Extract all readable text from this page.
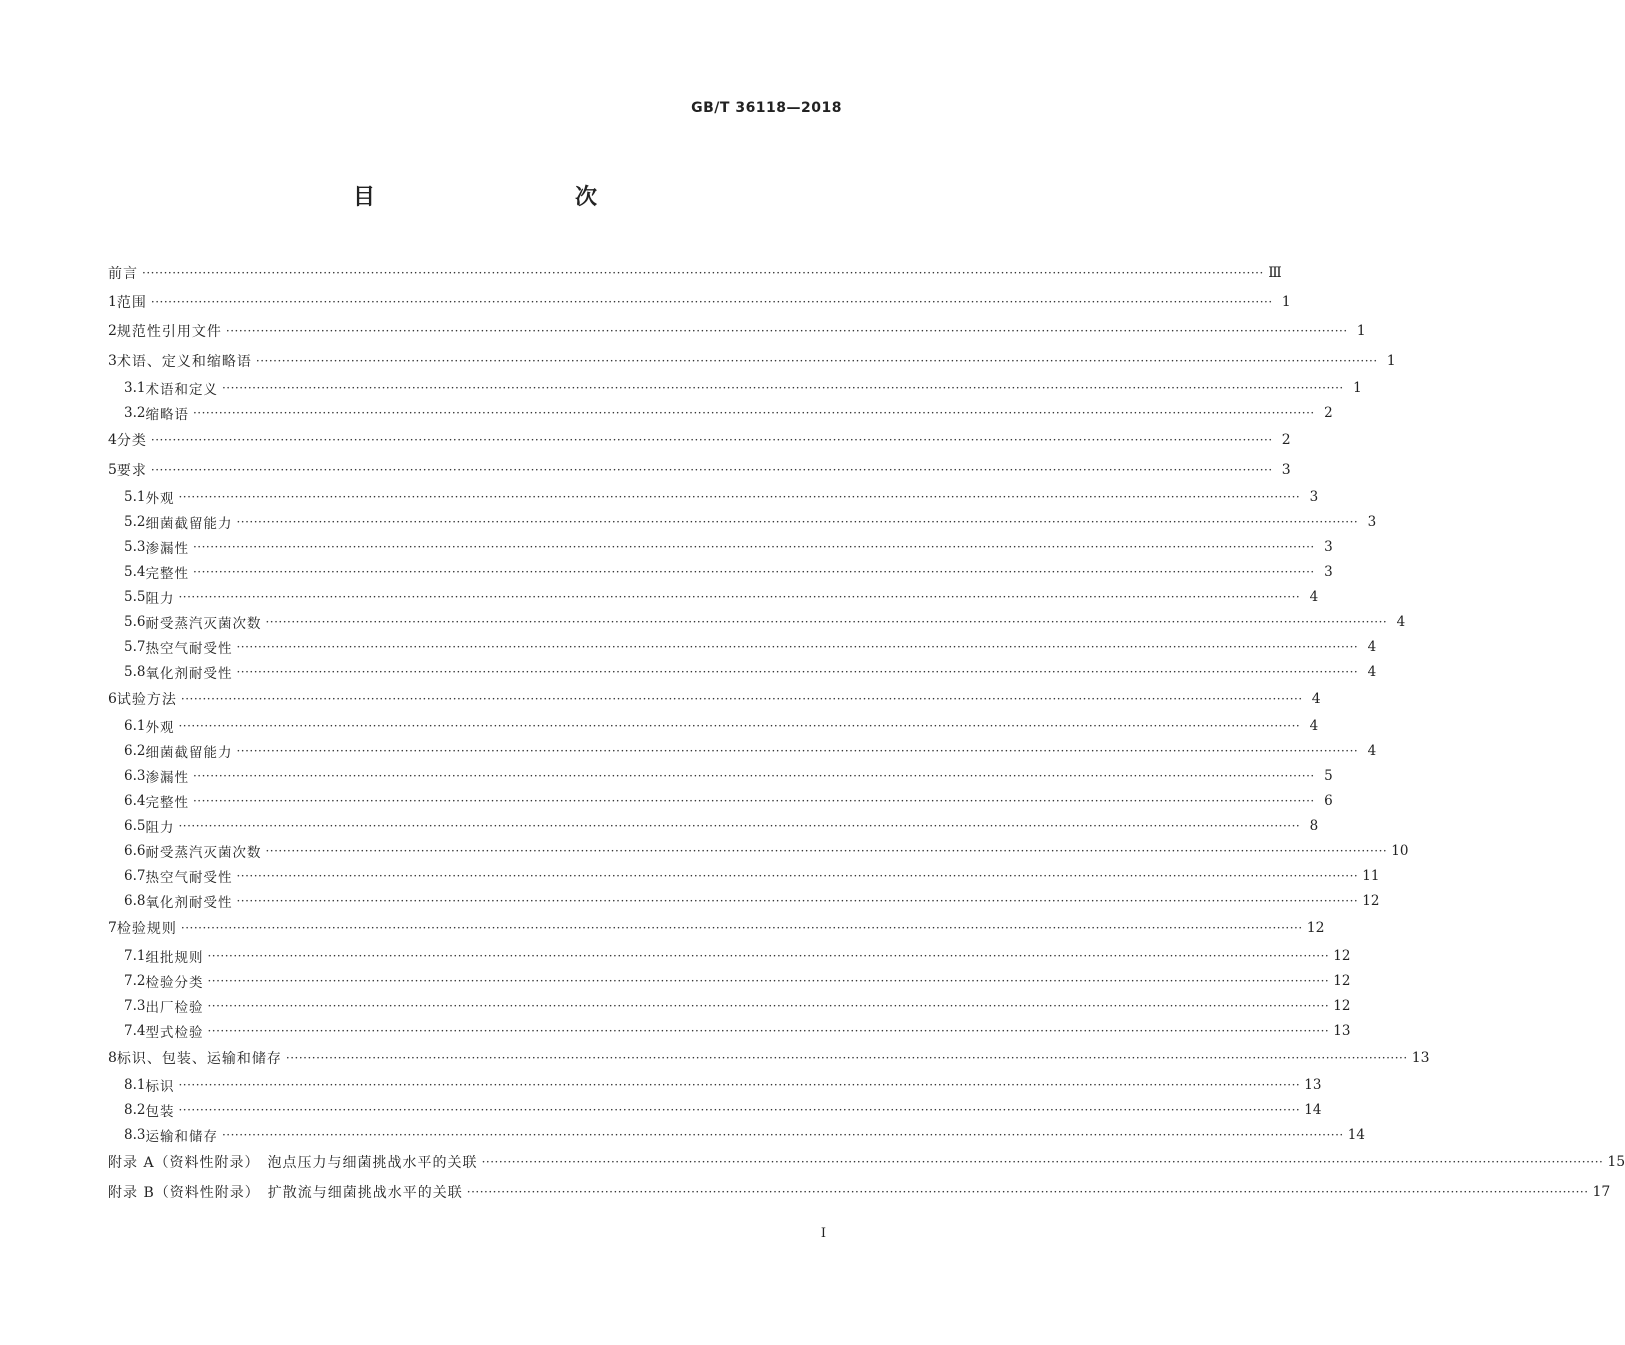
GB/T 36118—2018
目　　次
前言 ···································································································································································································································································· Ⅲ
1 范围 ···································································································································································································································································· 1
2 规范性引用文件 ···································································································································································································································································· 1
3 术语、定义和缩略语 ···································································································································································································································································· 1
3.1 术语和定义 ···································································································································································································································································· 1
3.2 缩略语 ···································································································································································································································································· 2
4 分类 ···································································································································································································································································· 2
5 要求 ···································································································································································································································································· 3
5.1 外观 ···································································································································································································································································· 3
5.2 细菌截留能力 ···································································································································································································································································· 3
5.3 渗漏性 ···································································································································································································································································· 3
5.4 完整性 ···································································································································································································································································· 3
5.5 阻力 ···································································································································································································································································· 4
5.6 耐受蒸汽灭菌次数 ···································································································································································································································································· 4
5.7 热空气耐受性 ···································································································································································································································································· 4
5.8 氧化剂耐受性 ···································································································································································································································································· 4
6 试验方法 ···································································································································································································································································· 4
6.1 外观 ···································································································································································································································································· 4
6.2 细菌截留能力 ···································································································································································································································································· 4
6.3 渗漏性 ···································································································································································································································································· 5
6.4 完整性 ···································································································································································································································································· 6
6.5 阻力 ···································································································································································································································································· 8
6.6 耐受蒸汽灭菌次数 ···································································································································································································································································· 10
6.7 热空气耐受性 ···································································································································································································································································· 11
6.8 氧化剂耐受性 ···································································································································································································································································· 12
7 检验规则 ···································································································································································································································································· 12
7.1 组批规则 ···································································································································································································································································· 12
7.2 检验分类 ···································································································································································································································································· 12
7.3 出厂检验 ···································································································································································································································································· 12
7.4 型式检验 ···································································································································································································································································· 13
8 标识、包装、运输和储存 ···································································································································································································································································· 13
8.1 标识 ···································································································································································································································································· 13
8.2 包装 ···································································································································································································································································· 14
8.3 运输和储存 ···································································································································································································································································· 14
附录 A（资料性附录）　泡点压力与细菌挑战水平的关联 ···································································································································································································································································· 15
附录 B（资料性附录）　扩散流与细菌挑战水平的关联 ···································································································································································································································································· 17
Ⅰ
